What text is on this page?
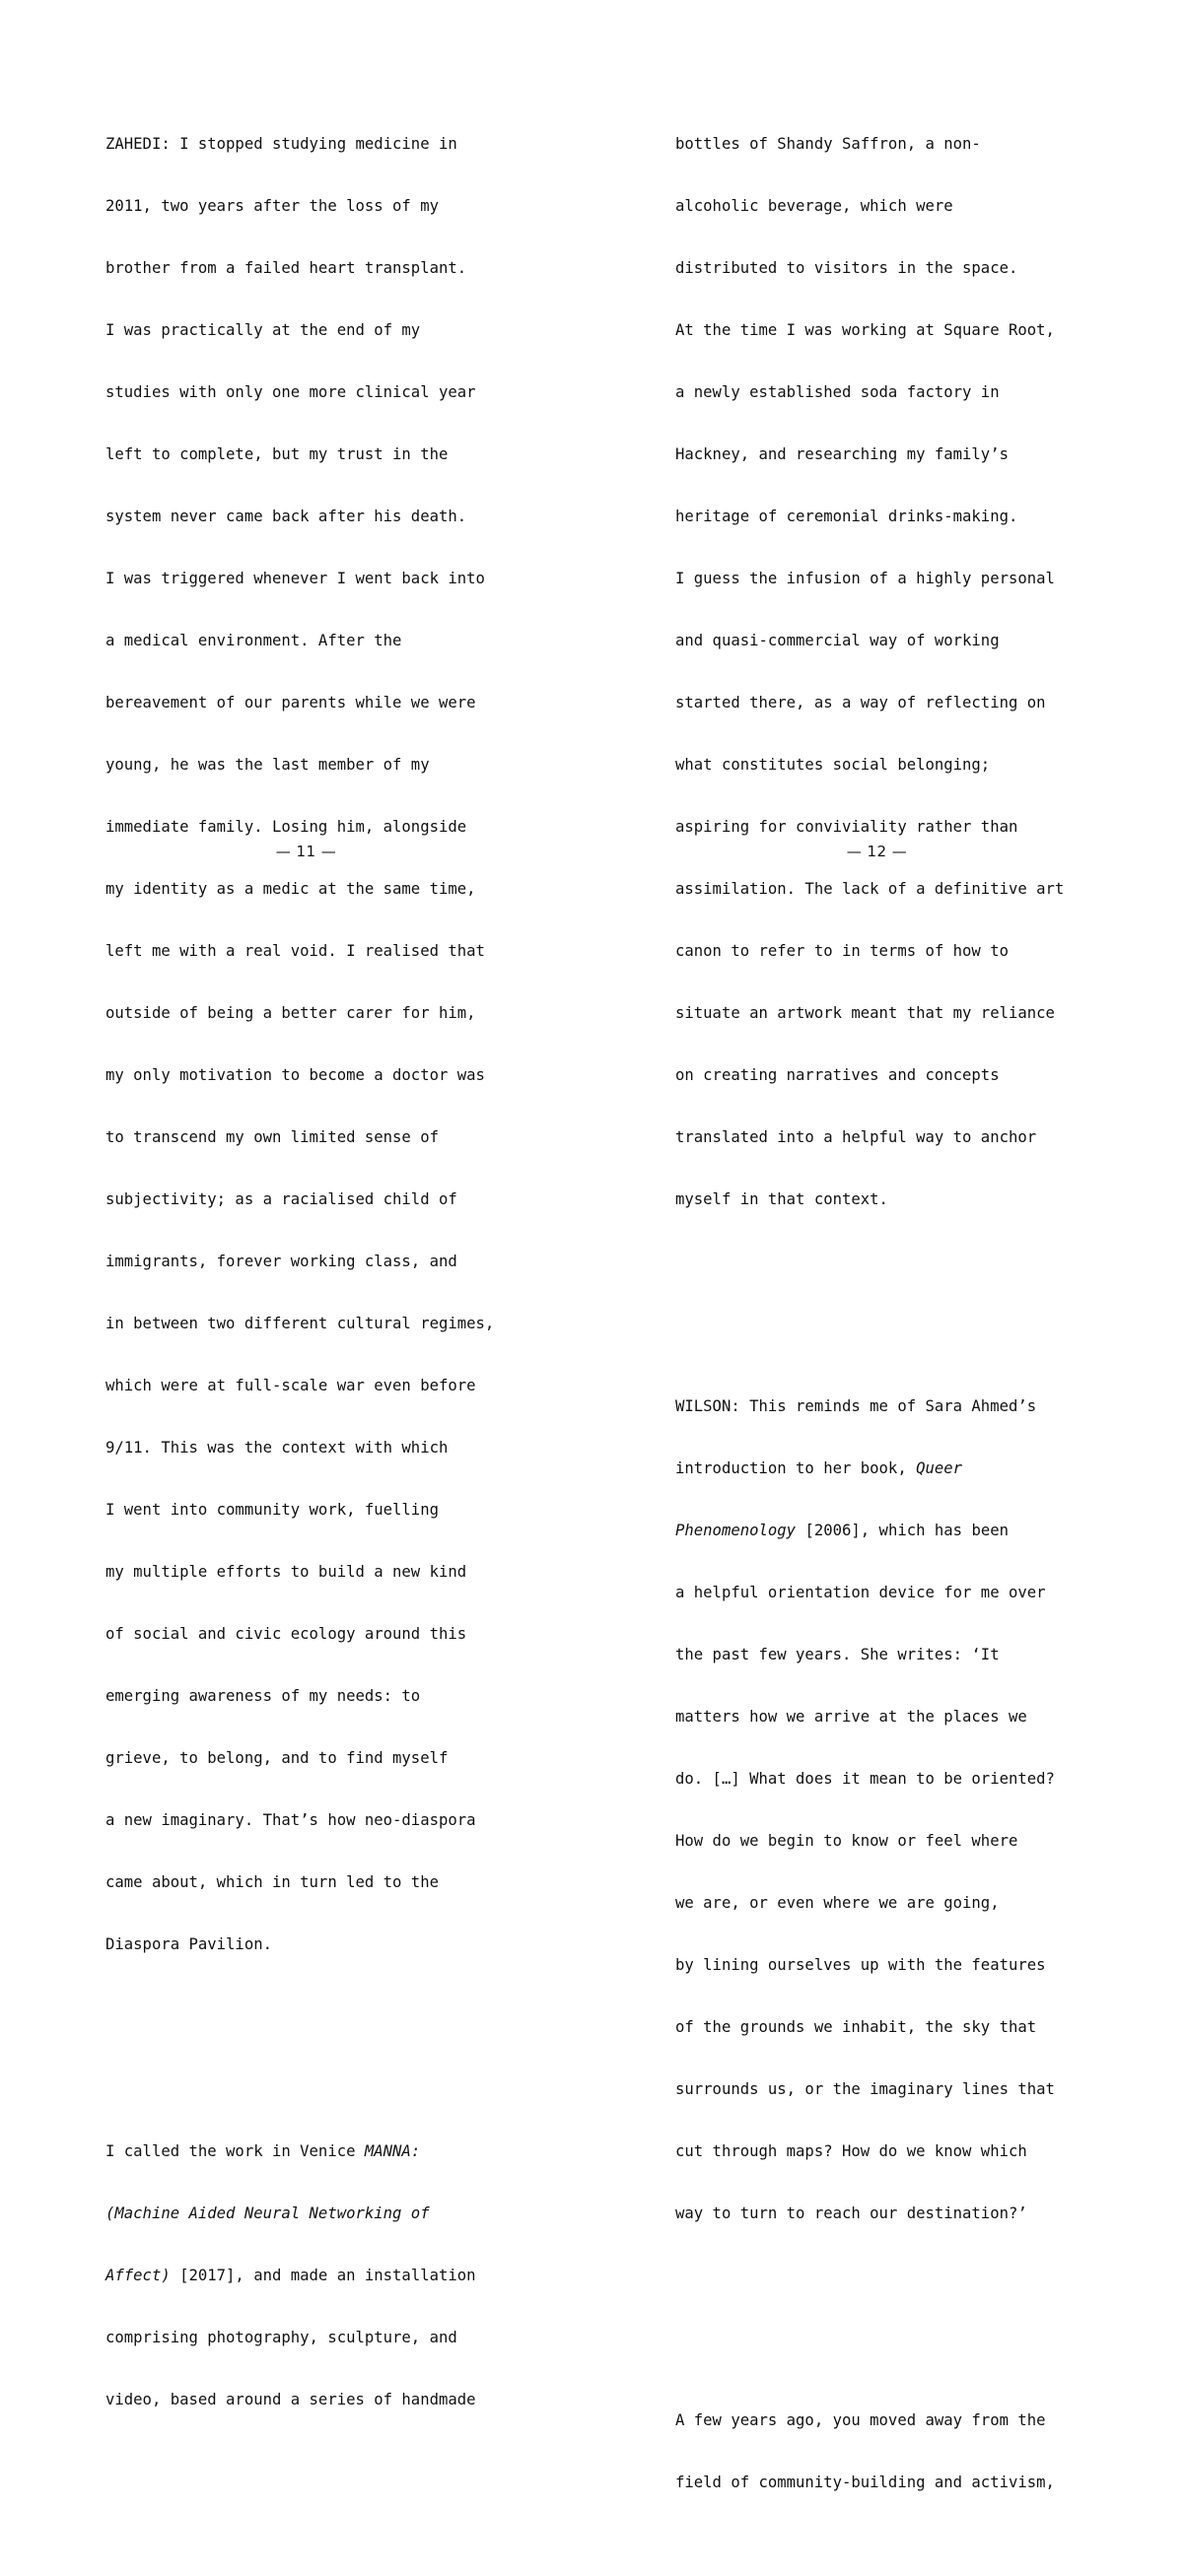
ZAHEDI: I stopped studying medicine in

2011, two years after the loss of my

brother from a failed heart transplant.

I was practically at the end of my

studies with only one more clinical year

left to complete, but my trust in the

system never came back after his death.

I was triggered whenever I went back into

a medical environment. After the

bereavement of our parents while we were

young, he was the last member of my

immediate family. Losing him, alongside

my identity as a medic at the same time,

left me with a real void. I realised that

outside of being a better carer for him,

my only motivation to become a doctor was

to transcend my own limited sense of

subjectivity; as a racialised child of

immigrants, forever working class, and

in between two different cultural regimes,

which were at full-scale war even before

9/11. This was the context with which

I went into community work, fuelling

my multiple efforts to build a new kind

of social and civic ecology around this

emerging awareness of my needs: to

grieve, to belong, and to find myself

a new imaginary. That’s how neo-diaspora

came about, which in turn led to the

Diaspora Pavilion.

I called the work in Venice MANNA:

(Machine Aided Neural Networking of

Affect) [2017], and made an installation

comprising photography, sculpture, and

video, based around a series of handmade

— 11 —

bottles of Shandy Saffron, a non-

alcoholic beverage, which were

distributed to visitors in the space.

At the time I was working at Square Root,

a newly established soda factory in

Hackney, and researching my family’s

heritage of ceremonial drinks-making.

I guess the infusion of a highly personal

and quasi-commercial way of working

started there, as a way of reflecting on

what constitutes social belonging;

aspiring for conviviality rather than

assimilation. The lack of a definitive art

canon to refer to in terms of how to

situate an artwork meant that my reliance

on creating narratives and concepts

translated into a helpful way to anchor

myself in that context.

WILSON: This reminds me of Sara Ahmed’s

introduction to her book, Queer

Phenomenology [2006], which has been

a helpful orientation device for me over

the past few years. She writes: ‘It

matters how we arrive at the places we

do. […] What does it mean to be oriented?

How do we begin to know or feel where

we are, or even where we are going,

by lining ourselves up with the features

of the grounds we inhabit, the sky that

surrounds us, or the imaginary lines that

cut through maps? How do we know which

way to turn to reach our destination?’

A few years ago, you moved away from the

field of community-building and activism,

— 12 —
